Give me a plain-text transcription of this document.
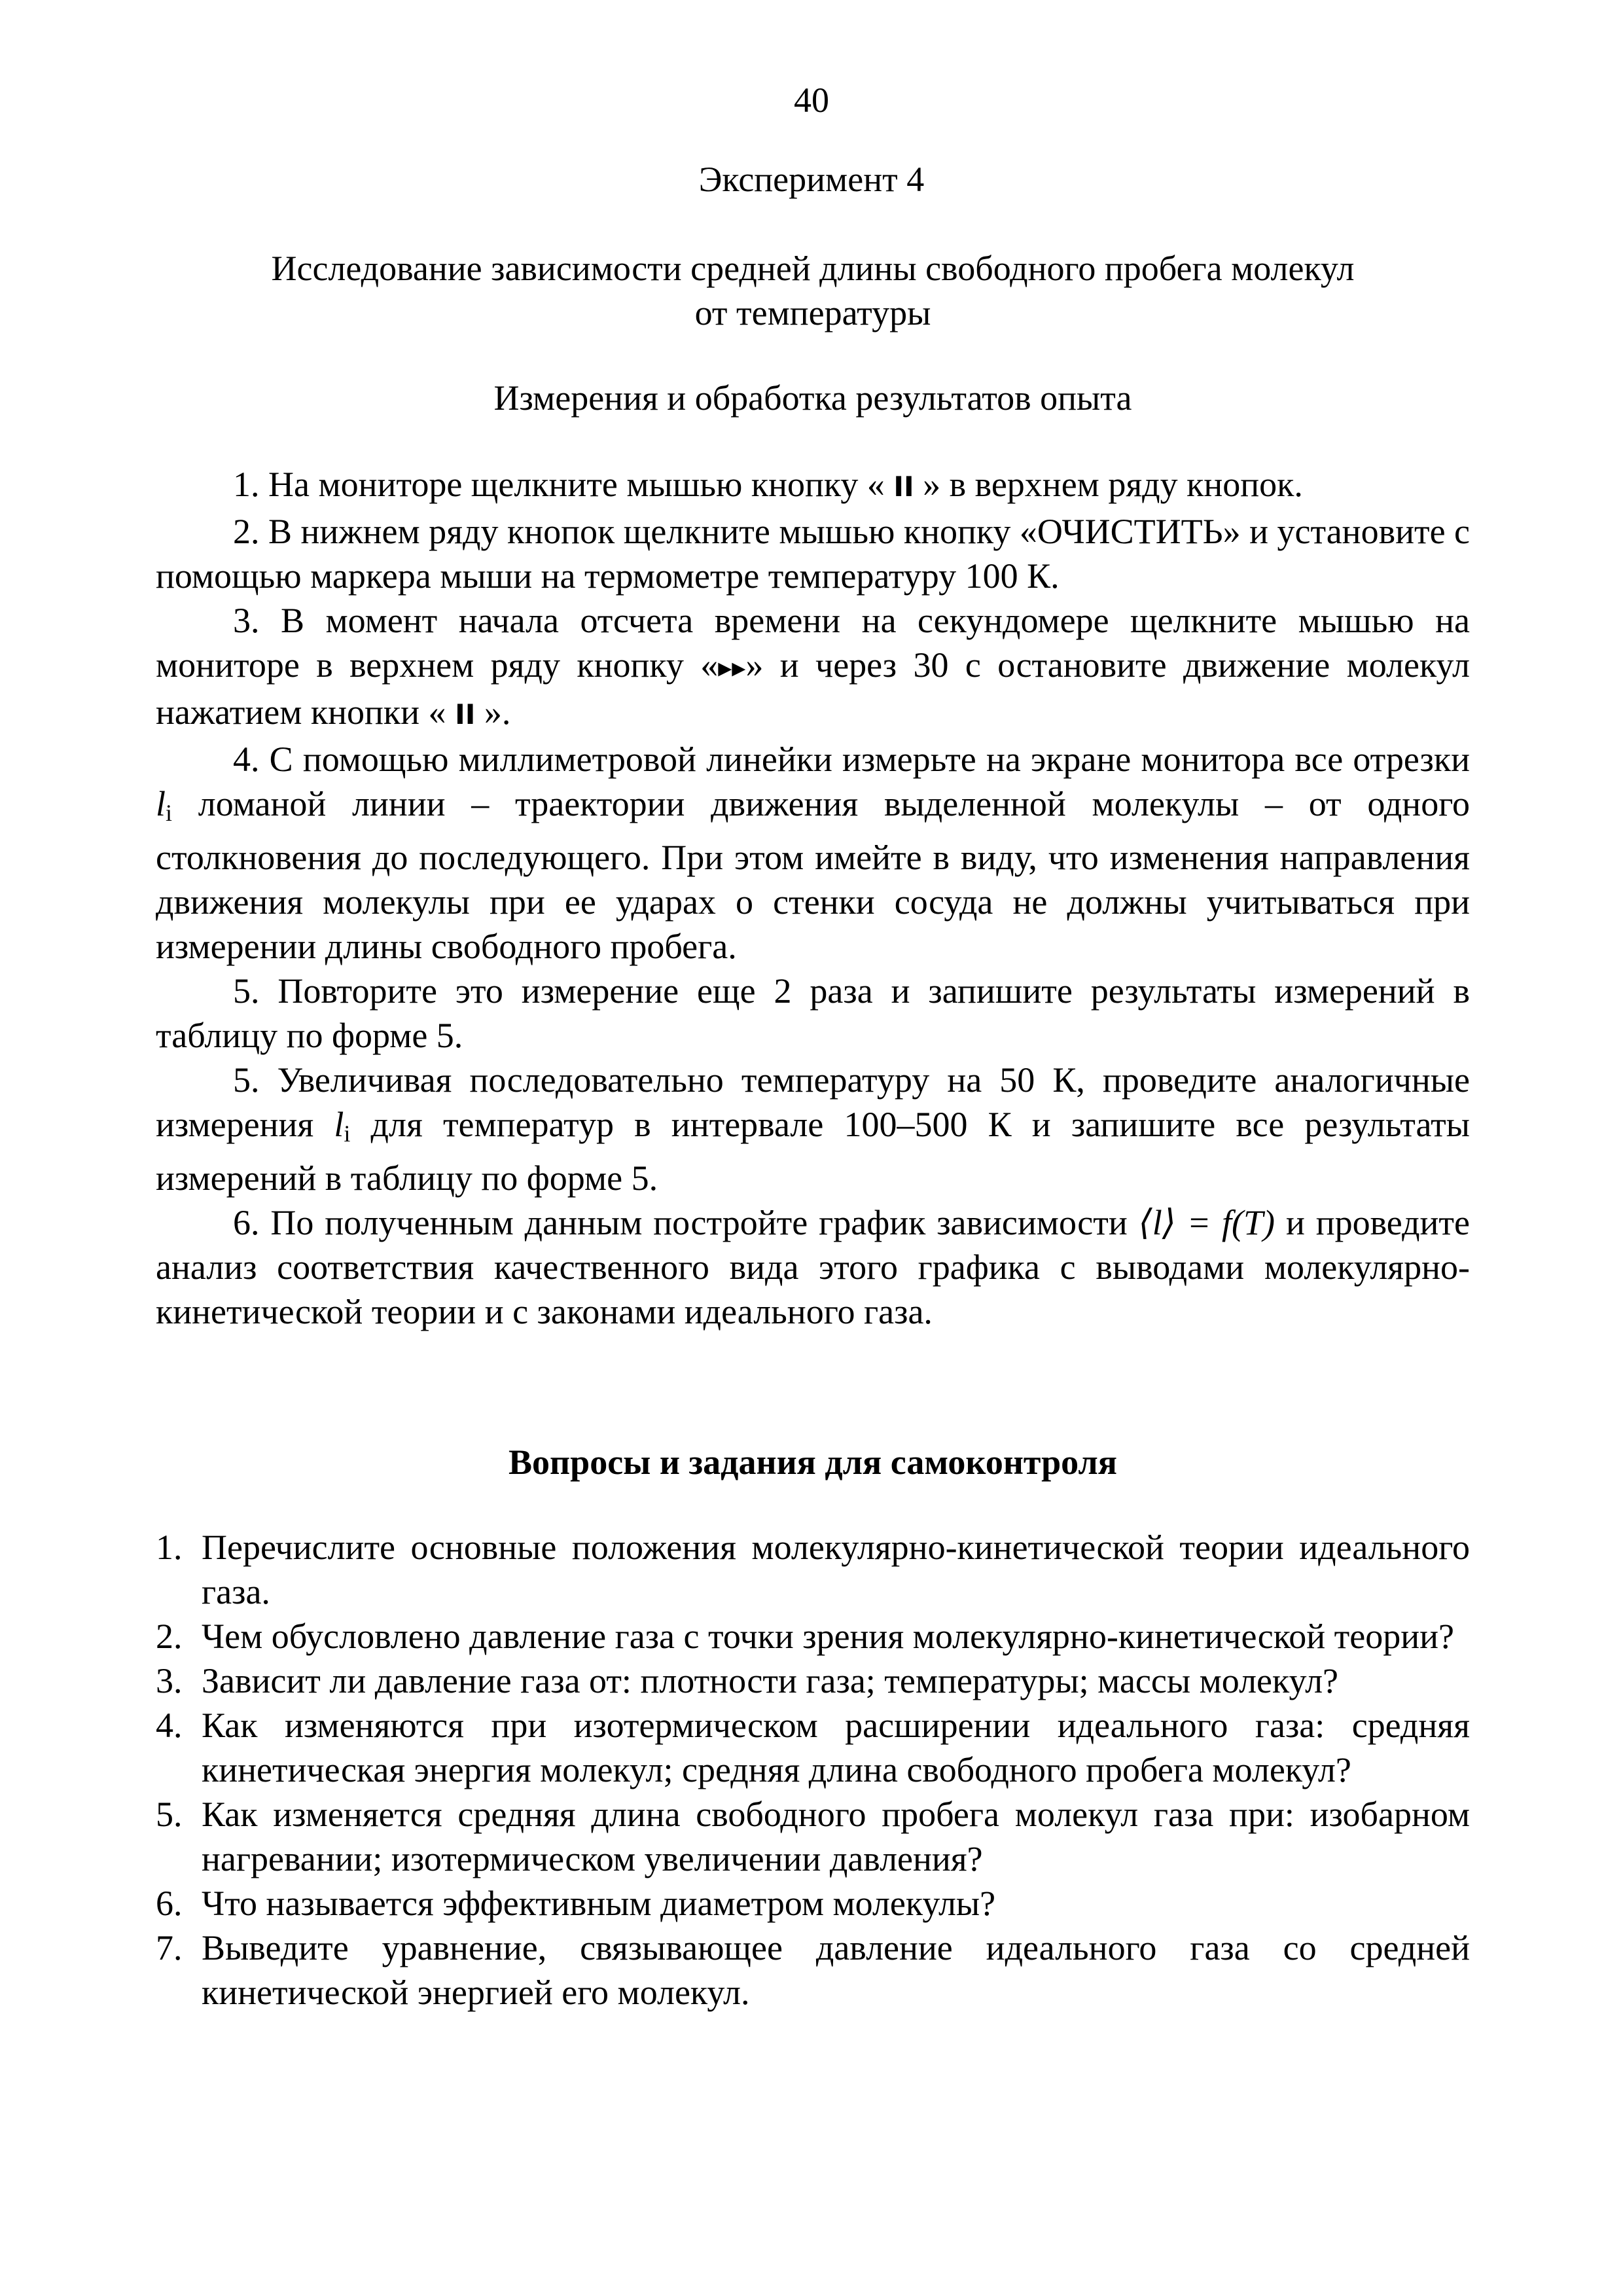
40
Эксперимент 4
Исследование зависимости средней длины свободного пробега молекул
от температуры
Измерения и обработка результатов опыта

1. На мониторе щелкните мышью кнопку « II » в верхнем ряду кнопок.

2. В нижнем ряду кнопок щелкните мышью кнопку «ОЧИСТИТЬ» и установите с помощью маркера мыши на термометре температуру 100 К.

3. В момент начала отсчета времени на секундомере щелкните мышью на мониторе в верхнем ряду кнопку «▸▸» и через 30 с остановите движение молекул нажатием кнопки « II ».

4. С помощью миллиметровой линейки измерьте на экране монитора все отрезки $l_i$ ломаной линии – траектории движения выделенной молекулы – от одного столкновения до последующего. При этом имейте в виду, что изменения направления движения молекулы при ее ударах о стенки сосуда не должны учитываться при измерении длины свободного пробега.

5. Повторите это измерение еще 2 раза и запишите результаты измерений в таблицу по форме 5.

5. Увеличивая последовательно температуру на 50 К, проведите аналогичные измерения $l_i$ для температур в интервале 100–500 К и запишите все результаты измерений в таблицу по форме 5.

6. По полученным данным постройте график зависимости ⟨l⟩ = f(T) и проведите анализ соответствия качественного вида этого графика с выводами молекулярно-кинетической теории и с законами идеального газа.

Вопросы и задания для самоконтроля
1. Перечислите основные положения молекулярно-кинетической теории идеального газа.
2. Чем обусловлено давление газа с точки зрения молекулярно-кинетической теории?
3. Зависит ли давление газа от: плотности газа; температуры; массы молекул?
4. Как изменяются при изотермическом расширении идеального газа: средняя кинетическая энергия молекул; средняя длина свободного пробега молекул?
5. Как изменяется средняя длина свободного пробега молекул газа при: изобарном нагревании; изотермическом увеличении давления?
6. Что называется эффективным диаметром молекулы?
7. Выведите уравнение, связывающее давление идеального газа со средней кинетической энергией его молекул.
